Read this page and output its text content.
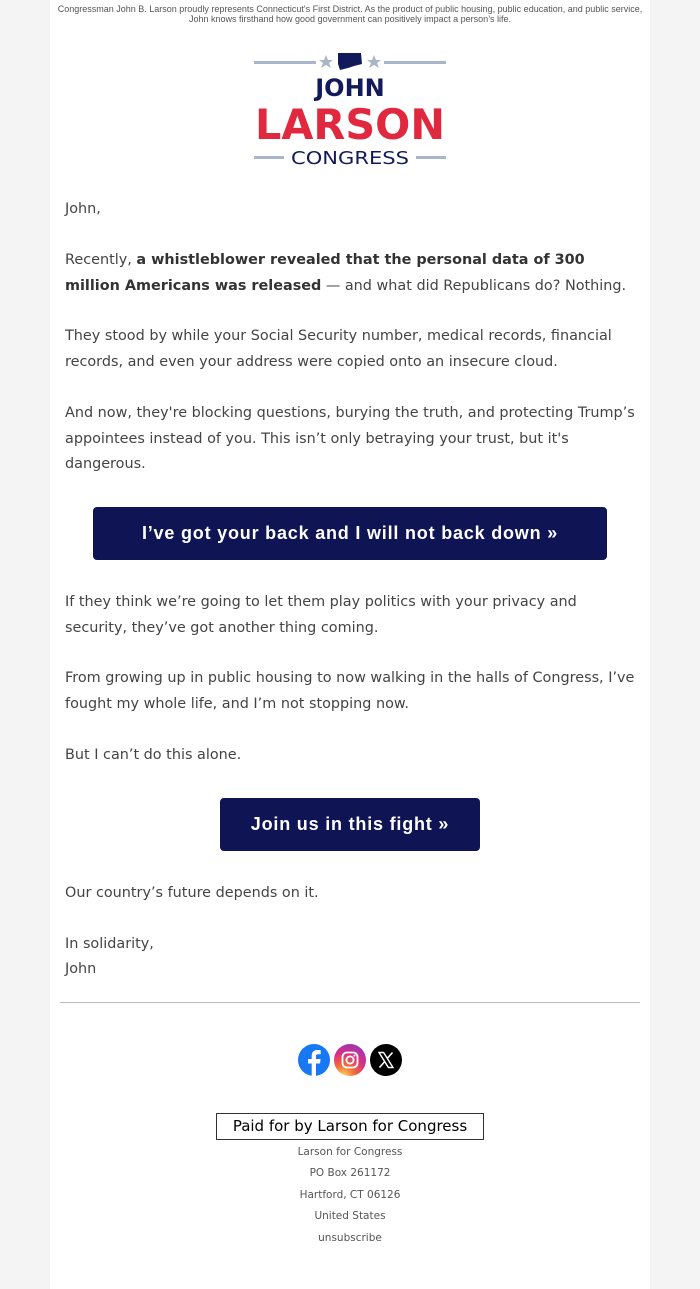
Congressman John B. Larson proudly represents Connecticut's First District. As the product of public housing, public education, and public service, John knows firsthand how good government can positively impact a person’s life.
JOHN
LARSON
CONGRESS

John,

Recently, a whistleblower revealed that the personal data of 300 million Americans was released — and what did Republicans do? Nothing.

They stood by while your Social Security number, medical records, financial records, and even your address were copied onto an insecure cloud.

And now, they're blocking questions, burying the truth, and protecting Trump’s appointees instead of you. This isn’t only betraying your trust, but it's dangerous.

I’ve got your back and I will not back down »

If they think we’re going to let them play politics with your privacy and security, they’ve got another thing coming.

From growing up in public housing to now walking in the halls of Congress, I’ve fought my whole life, and I’m not stopping now.

But I can’t do this alone.

Join us in this fight »

Our country’s future depends on it.

In solidarity,

John

Paid for by Larson for Congress
Larson for Congress
PO Box 261172
Hartford, CT 06126
United States
unsubscribe
